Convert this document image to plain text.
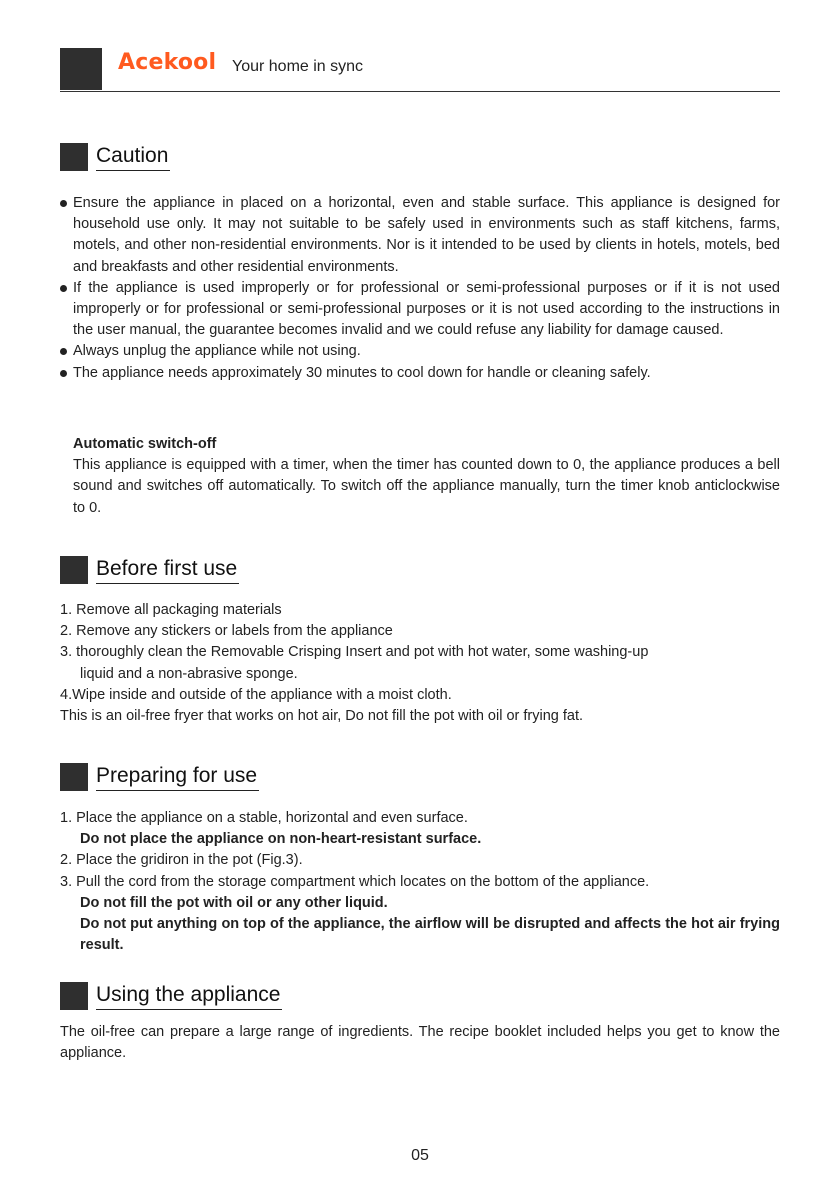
Acekool Your home in sync
Caution

Ensure the appliance in placed on a horizontal, even and stable surface. This appliance is designed for household use only. It may not suitable to be safely used in environments such as staff kitchens, farms, motels, and other non-residential environments. Nor is it intended to be used by clients in hotels, motels, bed and breakfasts and other residential environments.

If the appliance is used improperly or for professional or semi-professional purposes or if it is not used improperly or for professional or semi-professional purposes or it is not used according to the instructions in the user manual, the guarantee becomes invalid and we could refuse any liability for damage caused.

Always unplug the appliance while not using.

The appliance needs approximately 30 minutes to cool down for handle or cleaning safely.

Automatic switch-off

This appliance is equipped with a timer, when the timer has counted down to 0, the appliance produces a bell sound and switches off automatically. To switch off the appliance manually, turn the timer knob anticlockwise to 0.

Before first use

1. Remove all packaging materials

2. Remove any stickers or labels from the appliance

3. thoroughly clean the Removable Crisping Insert and pot with hot water, some washing-up

liquid and a non-abrasive sponge.

4.Wipe inside and outside of the appliance with a moist cloth.

This is an oil-free fryer that works on hot air, Do not fill the pot with oil or frying fat.

Preparing for use

1. Place the appliance on a stable, horizontal and even surface.

Do not place the appliance on non-heart-resistant surface.

2. Place the gridiron in the pot (Fig.3).

3. Pull the cord from the storage compartment which locates on the bottom of the appliance.

Do not fill the pot with oil or any other liquid.

Do not put anything on top of the appliance, the airflow will be disrupted and affects the hot air frying result.

Using the appliance
The oil-free can prepare a large range of ingredients. The recipe booklet included helps you get to know the appliance.
05
